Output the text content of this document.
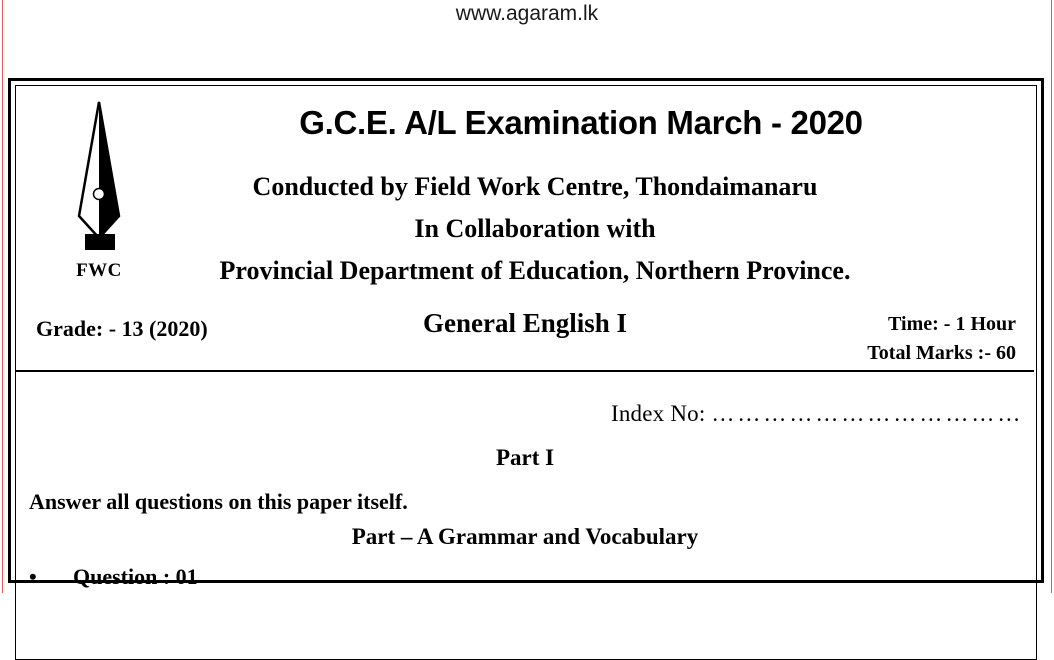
www.agaram.lk
FWC
G.C.E. A/L Examination March - 2020
Conducted by Field Work Centre, Thondaimanaru
In Collaboration with
Provincial Department of Education, Northern Province.
Grade: - 13 (2020)	General English I	Time: - 1 Hour
Total Marks :- 60
Index No: ………………………………
Part I
Answer all questions on this paper itself.
Part – A Grammar and Vocabulary
• Question : 01
